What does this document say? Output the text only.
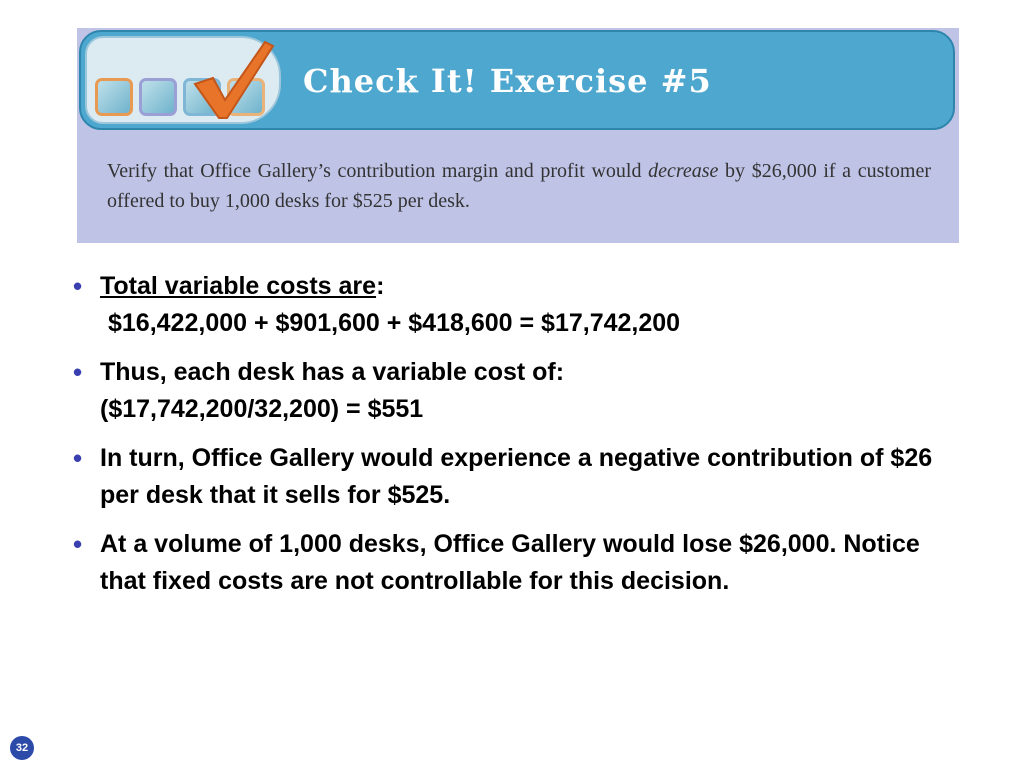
Check It! Exercise #5
Verify that Office Gallery’s contribution margin and profit would decrease by $26,000 if a customer offered to buy 1,000 desks for $525 per desk.
• Total variable costs are:
$16,422,000 + $901,600 + $418,600 = $17,742,200
• Thus, each desk has a variable cost of:
($17,742,200/32,200) = $551
• In turn, Office Gallery would experience a negative contribution of $26 per desk that it sells for $525.
• At a volume of 1,000 desks, Office Gallery would lose $26,000. Notice that fixed costs are not controllable for this decision.
32
